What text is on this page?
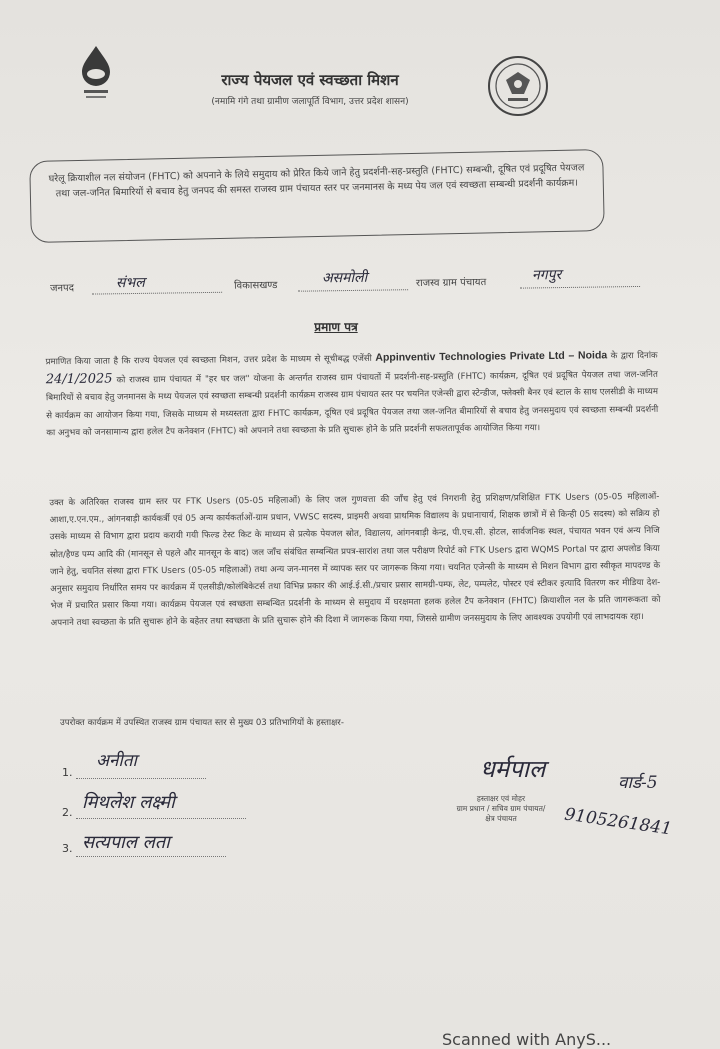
राज्य पेयजल एवं स्वच्छता मिशन
(नमामि गंगे तथा ग्रामीण जलापूर्ति विभाग, उत्तर प्रदेश शासन)
घरेलू क्रियाशील नल संयोजन (FHTC) को अपनाने के लिये समुदाय को प्रेरित किये जाने हेतु प्रदर्शनी-सह-प्रस्तुति (FHTC) सम्बन्धी, दूषित एवं प्रदूषित पेयजल तथा जल-जनित बिमारियों से बचाव हेतु जनपद की समस्त राजस्व ग्राम पंचायत स्तर पर जनमानस के मध्य पेय जल एवं स्वच्छता सम्बन्धी प्रदर्शनी कार्यक्रम।
जनपद	संभल	विकासखण्ड	असमोली	राजस्व ग्राम पंचायत	नगपुर
प्रमाण पत्र
प्रमाणित किया जाता है कि राज्य पेयजल एवं स्वच्छता मिशन, उत्तर प्रदेश के माध्यम से सूचीबद्ध एजेंसी Appinventiv Technologies Private Ltd – Noida के द्वारा दिनांक 24/1/2025 को राजस्व ग्राम पंचायत में "हर घर जल" योजना के अन्तर्गत राजस्व ग्राम पंचायतों में प्रदर्शनी-सह-प्रस्तुति (FHTC) कार्यक्रम, दूषित एवं प्रदूषित पेयजल तथा जल-जनित बिमारियों से बचाव हेतु जनमानस के मध्य पेयजल एवं स्वच्छता सम्बन्धी प्रदर्शनी कार्यक्रम राजस्व ग्राम पंचायत स्तर पर चयनित एजेन्सी द्वारा स्टेन्डीज, फ्लेक्सी बैनर एवं स्टाल के साथ एलसीडी के माध्यम से कार्यक्रम का आयोजन किया गया, जिसके माध्यम से मध्यस्तता द्वारा FHTC कार्यक्रम, दूषित एवं प्रदूषित पेयजल तथा जल-जनित बीमारियों से बचाव हेतु जनसमुदाय एवं स्वच्छता सम्बन्धी प्रदर्शनी का अनुभव को जनसामान्य द्वारा हलेल टैप कनेक्शन (FHTC) को अपनाने तथा स्वच्छता के प्रति सुचारू होने के प्रति प्रदर्शनी सफलतापूर्वक आयोजित किया गया।
उक्त के अतिरिक्त राजस्व ग्राम स्तर पर FTK Users (05-05 महिलाओं) के लिए जल गुणवत्ता की जाँच हेतु एवं निगरानी हेतु प्रशिक्षण/प्रशिक्षित FTK Users (05-05 महिलाओं-आशा,ए.एन.एम., आंगनबाड़ी कार्यकर्त्री एवं 05 अन्य कार्यकर्ताओं-ग्राम प्रधान, VWSC सदस्य, प्राइमरी अथवा प्राथमिक विद्यालय के प्रधानाचार्य, शिक्षक छात्रों में से किन्ही 05 सदस्य) को सक्रिय हो उसके माध्यम से विभाग द्वारा प्रदाय करायी गयी फिल्ड टेस्ट किट के माध्यम से प्रत्येक पेयजल स्रोत, विद्यालय, आंगनबाड़ी केन्द्र, पी.एच.सी. होटल, सार्वजनिक स्थल, पंचायत भवन एवं अन्य निजि स्रोत/हैण्ड पम्प आदि की (मानसून से पहले और मानसून के बाद) जल जाँच संबंधित सम्बन्धित प्रपत्र-सारांश तथा जल परीक्षण रिपोर्ट को FTK Users द्वारा WQMS Portal पर द्वारा अपलोड किया जाने हेतु, चयनित संस्था द्वारा FTK Users (05-05 महिलाओं) तथा अन्य जन-मानस में व्यापक स्तर पर जागरूक किया गया। चयनित एजेन्सी के माध्यम से मिशन विभाग द्वारा स्वीकृत मापदण्ड के अनुसार समुदाय निर्धारित समय पर कार्यक्रम में एलसीडी/कोलंबिकेटर्स तथा विभिन्न प्रकार की आई.ई.सी./प्रचार प्रसार सामग्री-पम्फ, लेट, पम्पलेट, पोस्टर एवं स्टीकर इत्यादि वितरण कर मीडिया देश-भेज में प्रचारित प्रसार किया गया। कार्यक्रम पेयजल एवं स्वच्छता सम्बन्धित प्रदर्शनी के माध्यम से समुदाय में घरक्षमता हलक हलेल टैप कनेक्शन (FHTC) क्रियाशील नल के प्रति जागरूकता को अपनाने तथा स्वच्छता के प्रति सुचारू होने के बहेतर तथा स्वच्छता के प्रति सुचारू होने की दिशा में जागरूक किया गया, जिससे ग्रामीण जनसमुदाय के लिए आवश्यक उपयोगी एवं लाभदायक रहा।
उपरोक्त कार्यक्रम में उपस्थित राजस्व ग्राम पंचायत स्तर से मुख्य 03 प्रतिभागियों के हस्ताक्षर-
1.
अनीता
2. मिथलेश लक्ष्मी
3. सत्यपाल लता
धर्मपाल	वार्ड-5
हस्ताक्षर एवं मोहर
ग्राम प्रधान / सचिव ग्राम पंचायत/
क्षेत्र पंचायत	9105261841
Scanned with AnyS...
